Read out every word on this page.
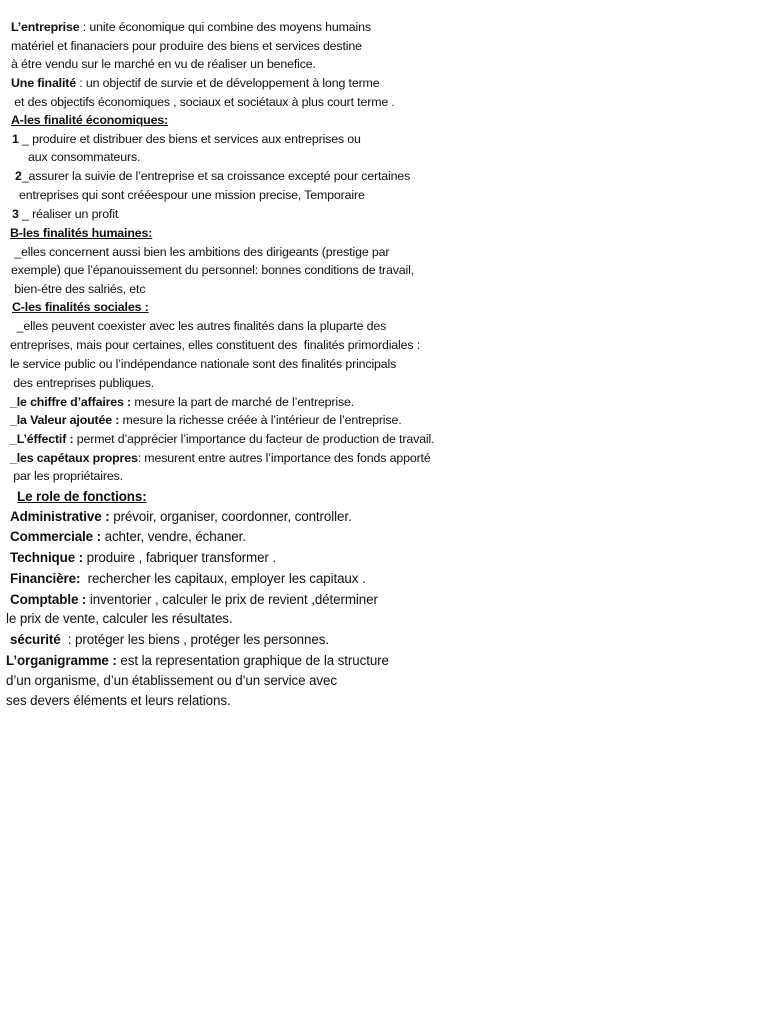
L’entreprise : unite économique qui combine des moyens humains
matériel et finanaciers pour produire des biens et services destine
à étre vendu sur le marché en vu de réaliser un benefice.
Une finalité : un objectif de survie et de développement à long terme
et des objectifs économiques , sociaux et sociétaux à plus court terme .
A-les finalité économiques:
1 _ produire et distribuer des biens et services aux entreprises ou
aux consommateurs.
2_assurer la suivie de l’entreprise et sa croissance excepté pour certaines
entreprises qui sont crééespour une mission precise, Temporaire
3 _ réaliser un profit
B-les finalités humaines:
_elles concernent aussi bien les ambitions des dirigeants (prestige par
exemple) que l’épanouissement du personnel: bonnes conditions de travail,
bien-étre des salriés, etc
C-les finalités sociales :
_elles peuvent coexister avec les autres finalités dans la pluparte des
entreprises, mais pour certaines, elles constituent des  finalités primordiales :
le service public ou l’indépendance nationale sont des finalités principals
des entreprises publiques.
_le chiffre d’affaires : mesure la part de marché de l’entreprise.
_la Valeur ajoutée : mesure la richesse créée à l’intérieur de l’entreprise.
_L’éffectif : permet d’apprécier l’importance du facteur de production de travail.
_les capétaux propres: mesurent entre autres l’importance des fonds apporté
par les propriétaires.
Le role de fonctions:
Administrative : prévoir, organiser, coordonner, controller.
Commerciale : achter, vendre, échaner.
Technique : produire , fabriquer transformer .
Financière:  rechercher les capitaux, employer les capitaux .
Comptable : inventorier , calculer le prix de revient ,déterminer
le prix de vente, calculer les résultates.
sécurité  : protéger les biens , protéger les personnes.
L’organigramme : est la representation graphique de la structure
d’un organisme, d’un établissement ou d’un service avec
ses devers éléments et leurs relations.
